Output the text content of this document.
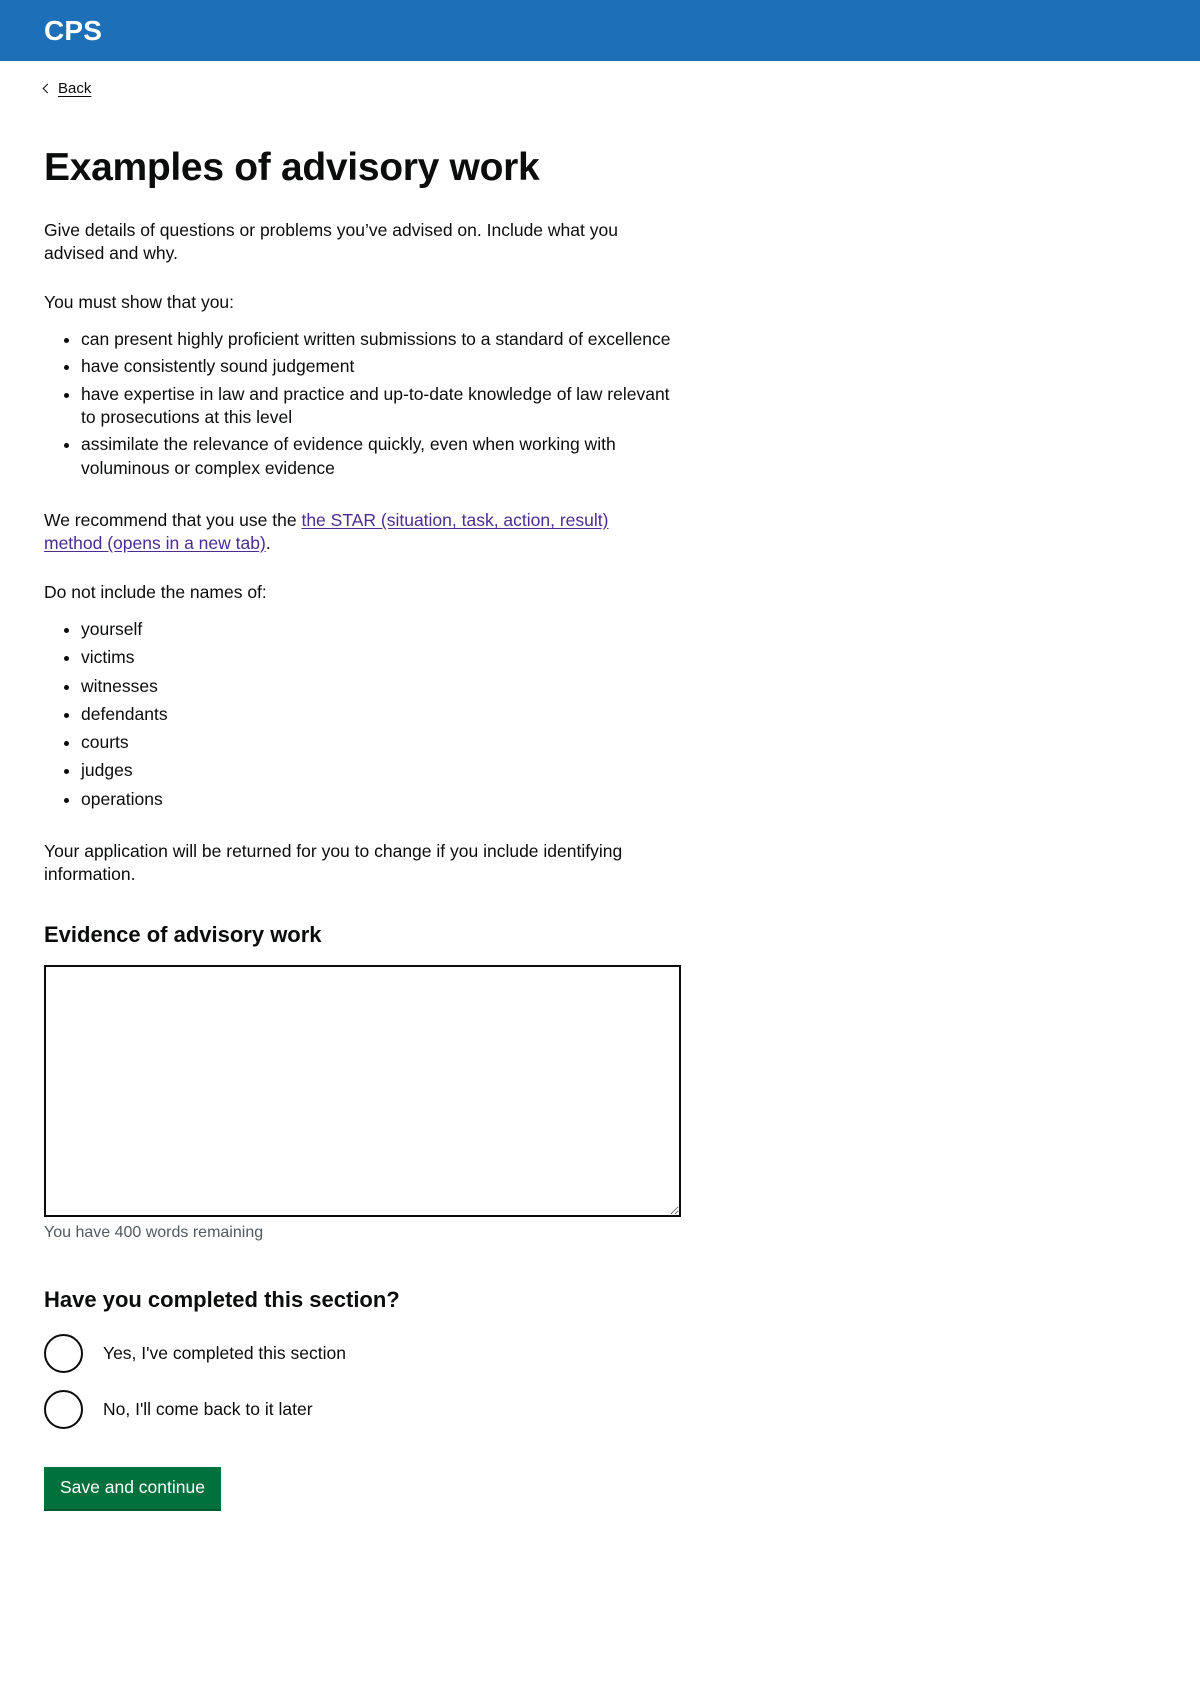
CPS
Back
Examples of advisory work

Give details of questions or problems you’ve advised on. Include what you advised and why.

You must show that you:

• can present highly proficient written submissions to a standard of excellence
• have consistently sound judgement
• have expertise in law and practice and up-to-date knowledge of law relevant to prosecutions at this level
• assimilate the relevance of evidence quickly, even when working with voluminous or complex evidence

We recommend that you use the the STAR (situation, task, action, result) method (opens in a new tab).

Do not include the names of:

• yourself
• victims
• witnesses
• defendants
• courts
• judges
• operations

Your application will be returned for you to change if you include identifying information.

Evidence of advisory work

You have 400 words remaining

Have you completed this section?
Yes, I've completed this section
No, I'll come back to it later
Save and continue
